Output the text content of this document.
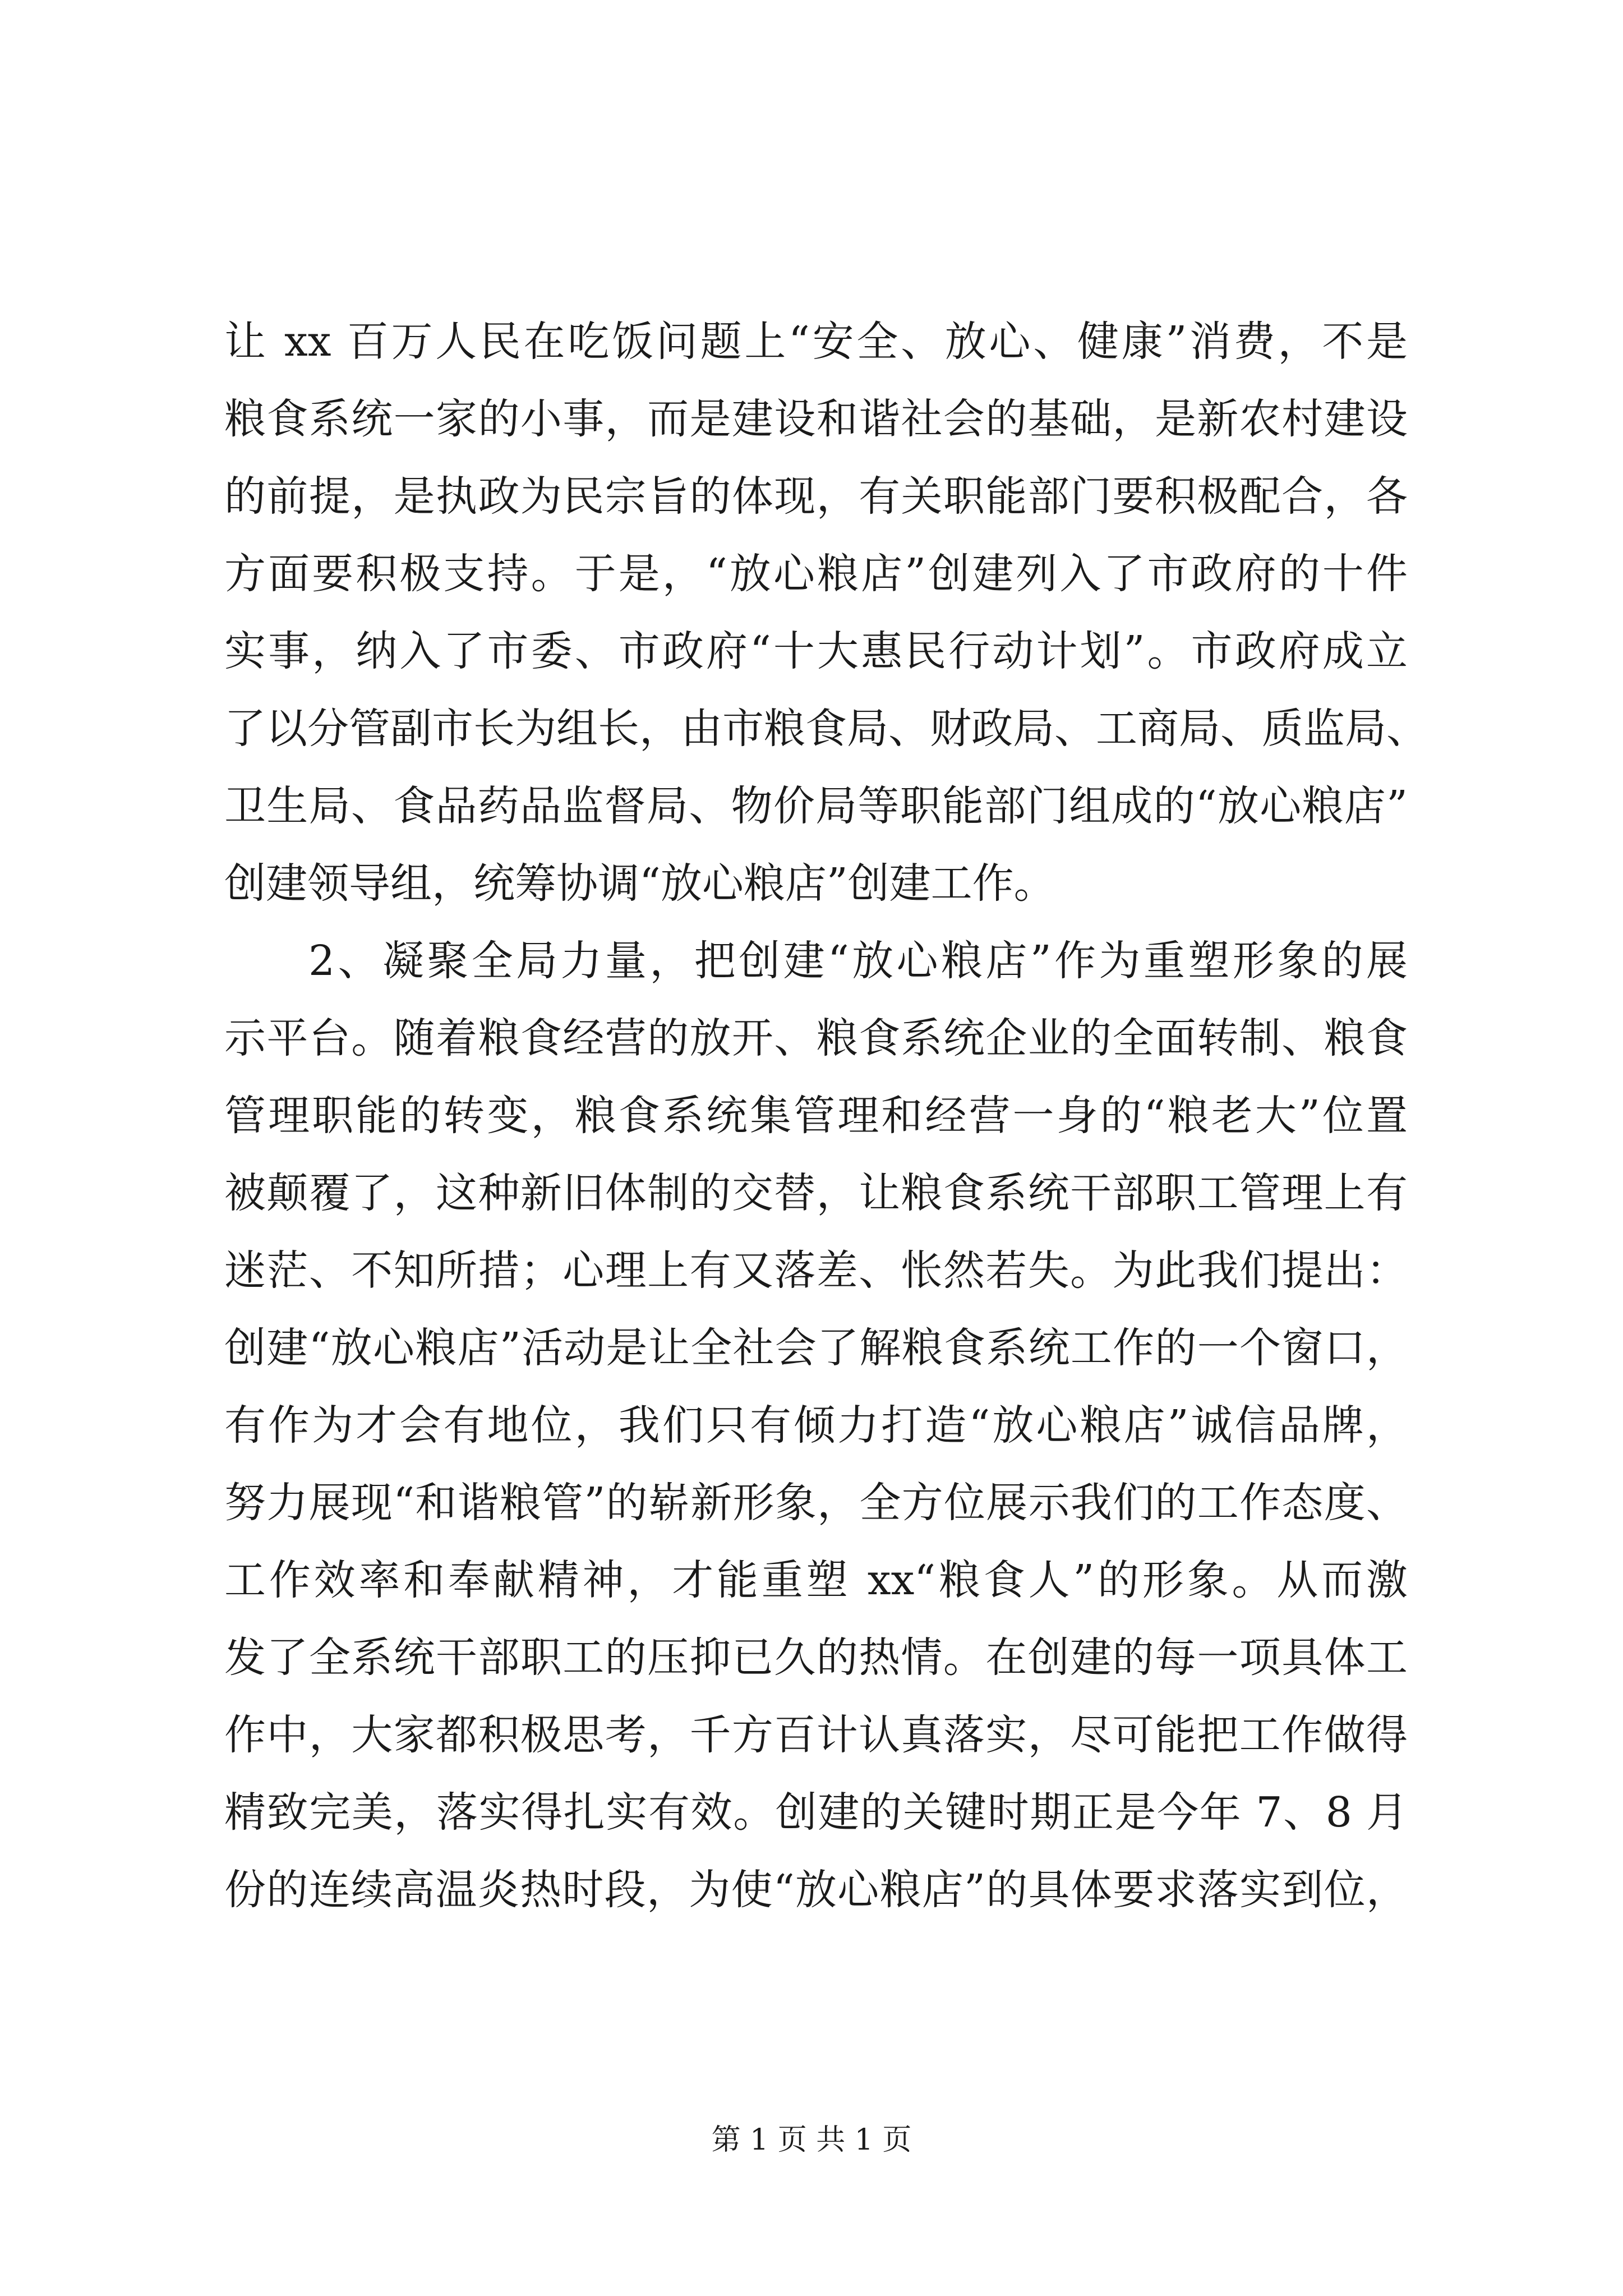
让 xx 百万人民在吃饭问题上“安全、放心、健康”消费，不是
粮食系统一家的小事，而是建设和谐社会的基础，是新农村建设
的前提，是执政为民宗旨的体现，有关职能部门要积极配合，各
方面要积极支持。于是，“放心粮店”创建列入了市政府的十件
实事，纳入了市委、市政府“十大惠民行动计划”。市政府成立
了以分管副市长为组长，由市粮食局、财政局、工商局、质监局、
卫生局、食品药品监督局、物价局等职能部门组成的“放心粮店”
创建领导组，统筹协调“放心粮店”创建工作。
2、凝聚全局力量，把创建“放心粮店”作为重塑形象的展
示平台。随着粮食经营的放开、粮食系统企业的全面转制、粮食
管理职能的转变，粮食系统集管理和经营一身的“粮老大”位置
被颠覆了，这种新旧体制的交替，让粮食系统干部职工管理上有
迷茫、不知所措；心理上有又落差、怅然若失。为此我们提出：
创建“放心粮店”活动是让全社会了解粮食系统工作的一个窗口，
有作为才会有地位，我们只有倾力打造“放心粮店”诚信品牌，
努力展现“和谐粮管”的崭新形象，全方位展示我们的工作态度、
工作效率和奉献精神，才能重塑 xx“粮食人”的形象。从而激
发了全系统干部职工的压抑已久的热情。在创建的每一项具体工
作中，大家都积极思考，千方百计认真落实，尽可能把工作做得
精致完美，落实得扎实有效。创建的关键时期正是今年 7、8 月
份的连续高温炎热时段，为使“放心粮店”的具体要求落实到位，
第 1 页 共 1 页
